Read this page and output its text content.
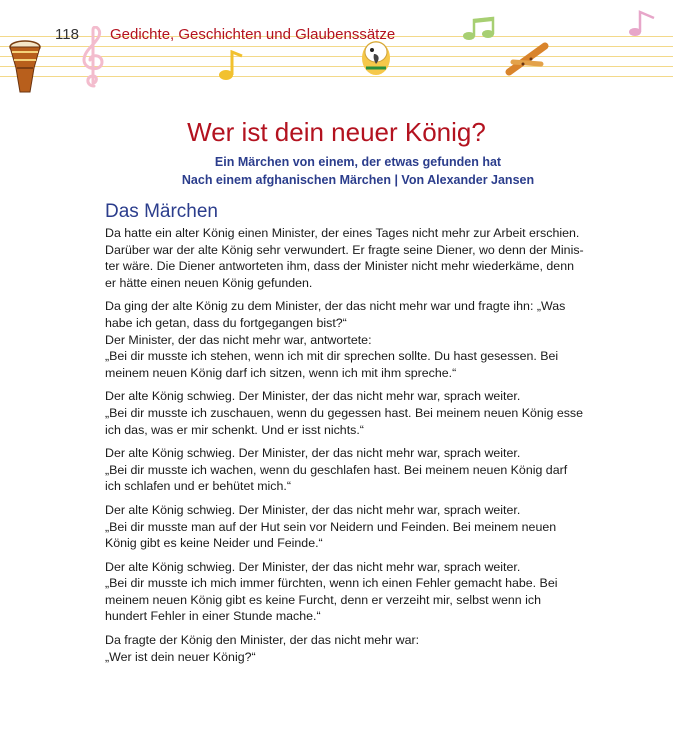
118 Gedichte, Geschichten und Glaubenssätze
Wer ist dein neuer König?
Ein Märchen von einem, der etwas gefunden hat
Nach einem afghanischen Märchen | Von Alexander Jansen
Das Märchen
Da hatte ein alter König einen Minister, der eines Tages nicht mehr zur Arbeit erschien.
Darüber war der alte König sehr verwundert. Er fragte seine Diener, wo denn der Minis-
ter wäre. Die Diener antworteten ihm, dass der Minister nicht mehr wiederkäme, denn
er hätte einen neuen König gefunden.
Da ging der alte König zu dem Minister, der das nicht mehr war und fragte ihn: „Was
habe ich getan, dass du fortgegangen bist?“
Der Minister, der das nicht mehr war, antwortete:
„Bei dir musste ich stehen, wenn ich mit dir sprechen sollte. Du hast gesessen. Bei
meinem neuen König darf ich sitzen, wenn ich mit ihm spreche.“
Der alte König schwieg. Der Minister, der das nicht mehr war, sprach weiter.
„Bei dir musste ich zuschauen, wenn du gegessen hast. Bei meinem neuen König esse
ich das, was er mir schenkt. Und er isst nichts.“
Der alte König schwieg. Der Minister, der das nicht mehr war, sprach weiter.
„Bei dir musste ich wachen, wenn du geschlafen hast. Bei meinem neuen König darf
ich schlafen und er behütet mich.“
Der alte König schwieg. Der Minister, der das nicht mehr war, sprach weiter.
„Bei dir musste man auf der Hut sein vor Neidern und Feinden. Bei meinem neuen
König gibt es keine Neider und Feinde.“
Der alte König schwieg. Der Minister, der das nicht mehr war, sprach weiter.
„Bei dir musste ich mich immer fürchten, wenn ich einen Fehler gemacht habe. Bei
meinem neuen König gibt es keine Furcht, denn er verzeiht mir, selbst wenn ich
hundert Fehler in einer Stunde mache.“
Da fragte der König den Minister, der das nicht mehr war:
„Wer ist dein neuer König?“
